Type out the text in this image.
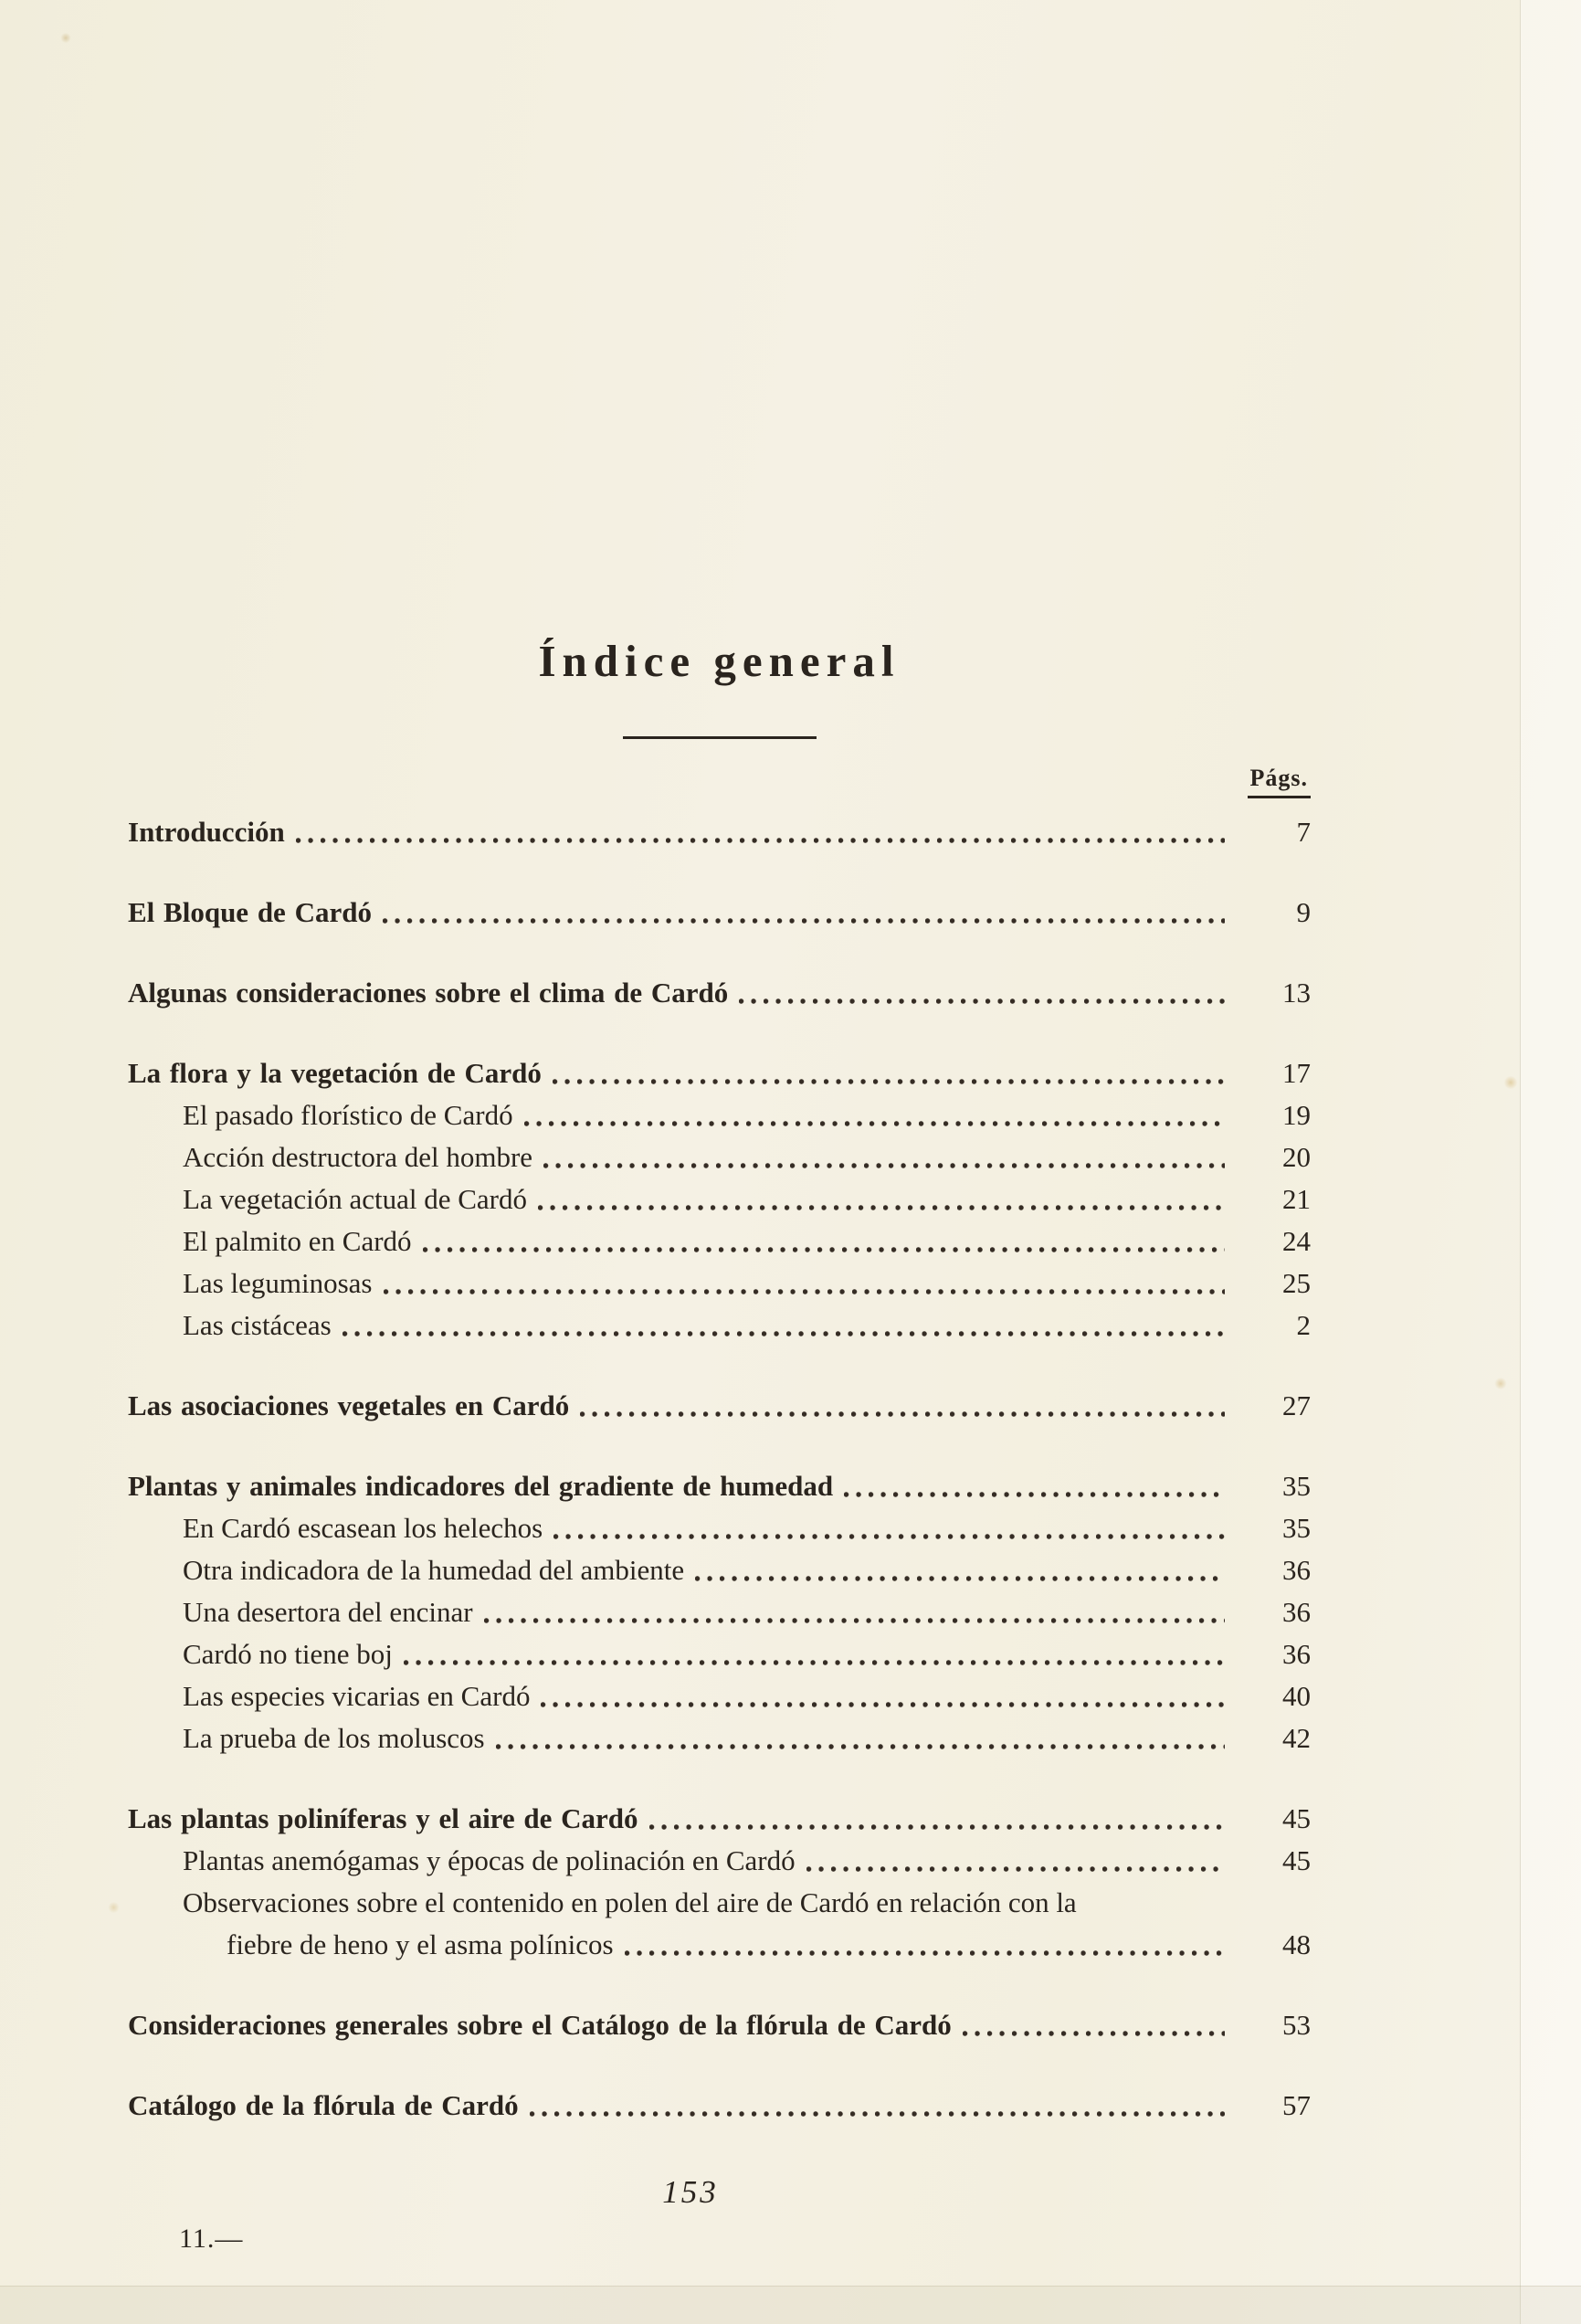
Índice general
Págs.
Introducción	7
El Bloque de Cardó	9
Algunas consideraciones sobre el clima de Cardó	13
La flora y la vegetación de Cardó	17
El pasado florístico de Cardó	19
Acción destructora del hombre	20
La vegetación actual de Cardó	21
El palmito en Cardó	24
Las leguminosas	25
Las cistáceas	2
Las asociaciones vegetales en Cardó	27
Plantas y animales indicadores del gradiente de humedad	35
En Cardó escasean los helechos	35
Otra indicadora de la humedad del ambiente	36
Una desertora del encinar	36
Cardó no tiene boj	36
Las especies vicarias en Cardó	40
La prueba de los moluscos	42
Las plantas poliníferas y el aire de Cardó	45
Plantas anemógamas y épocas de polinación en Cardó	45
Observaciones sobre el contenido en polen del aire de Cardó en relación con la
fiebre de heno y el asma polínicos	48
Consideraciones generales sobre el Catálogo de la flórula de Cardó	53
Catálogo de la flórula de Cardó	57
153
11.—
